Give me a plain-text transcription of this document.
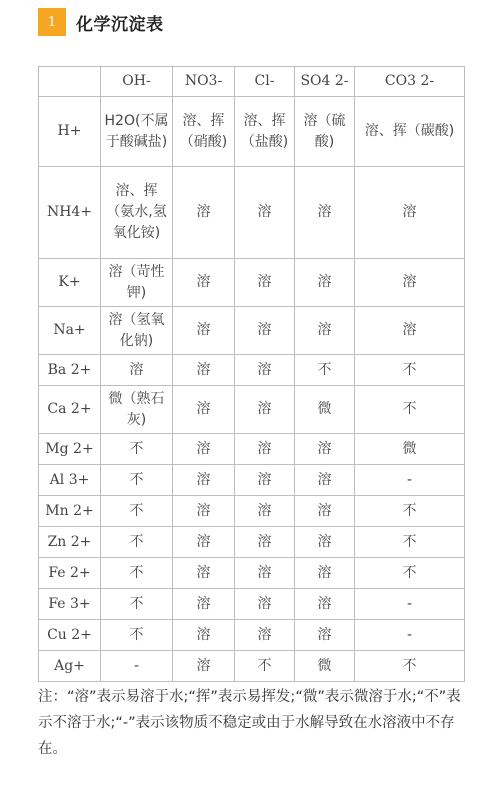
1	化学沉淀表
	OH-	NO3-	Cl-	SO4 2-	CO3 2-
H+	H2O(不属于酸碱盐)	溶、挥（硝酸)	溶、挥（盐酸)	溶（硫酸)	溶、挥（碳酸)
NH4+	溶、挥（氨水,氢氧化铵)	溶	溶	溶	溶
K+	溶（苛性钾)	溶	溶	溶	溶
Na+	溶（氢氧化钠)	溶	溶	溶	溶
Ba 2+	溶	溶	溶	不	不
Ca 2+	微（熟石灰)	溶	溶	微	不
Mg 2+	不	溶	溶	溶	微
Al 3+	不	溶	溶	溶	-
Mn 2+	不	溶	溶	溶	不
Zn 2+	不	溶	溶	溶	不
Fe 2+	不	溶	溶	溶	不
Fe 3+	不	溶	溶	溶	-
Cu 2+	不	溶	溶	溶	-
Ag+	-	溶	不	微	不
注：“溶”表示易溶于水;“挥”表示易挥发;“微”表示微溶于水;“不”表示不溶于水;“-”表示该物质不稳定或由于水解导致在水溶液中不存在。
